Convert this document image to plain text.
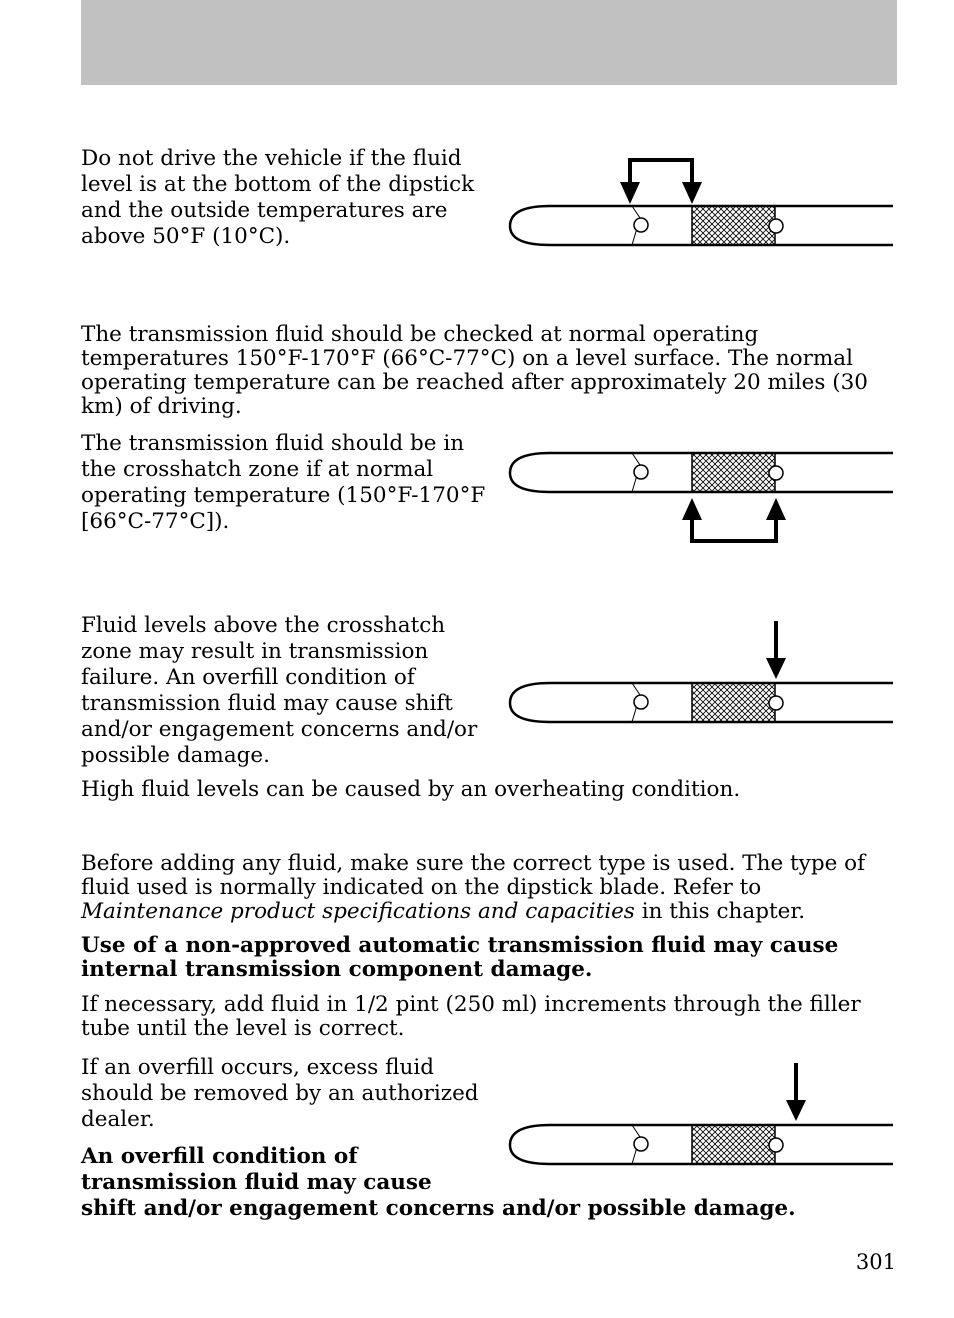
Do not drive the vehicle if the fluid level is at the bottom of the dipstick and the outside temperatures are above 50°F (10°C).

The transmission fluid should be checked at normal operating temperatures 150°F-170°F (66°C-77°C) on a level surface. The normal operating temperature can be reached after approximately 20 miles (30 km) of driving.

The transmission fluid should be in the crosshatch zone if at normal operating temperature (150°F-170°F [66°C-77°C]).

Fluid levels above the crosshatch zone may result in transmission failure. An overfill condition of transmission fluid may cause shift and/or engagement concerns and/or possible damage.

High fluid levels can be caused by an overheating condition.

Before adding any fluid, make sure the correct type is used. The type of fluid used is normally indicated on the dipstick blade. Refer to Maintenance product specifications and capacities in this chapter.

Use of a non-approved automatic transmission fluid may cause internal transmission component damage.

If necessary, add fluid in 1/2 pint (250 ml) increments through the filler tube until the level is correct.

If an overfill occurs, excess fluid should be removed by an authorized dealer.

An overfill condition of
transmission fluid may cause
shift and/or engagement concerns and/or possible damage.
301
